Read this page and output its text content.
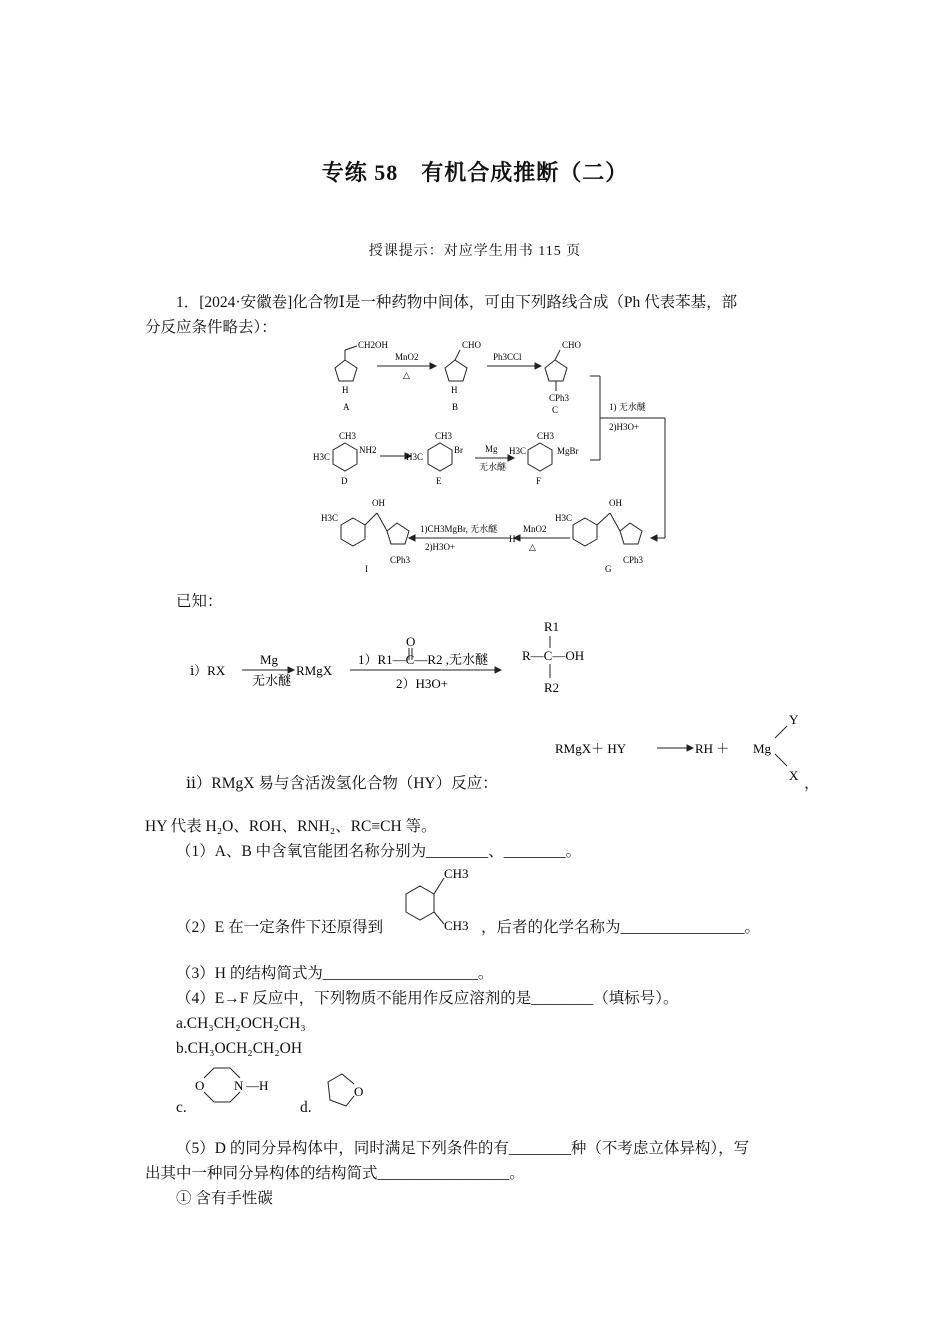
专练 58　有机合成推断（二）
授课提示：对应学生用书 115 页
1．[2024·安徽卷]化合物Ⅰ是一种药物中间体，可由下列路线合成（Ph 代表苯基，部
分反应条件略去）：
CH2OH
H
A
MnO2
△
CHO
H
B
Ph3CCl
CHO
CPh3
C	1) 无水醚
2)H3O+
H3C
CH3
NH2
D
H3C
CH3
Br
E
Mg
无水醚
H3C
CH3
MgBr
F
H3C
OH
CPh3
G
MnO2
△
H
1)CH3MgBr, 无水醚
2)H3O+
H3C
OH
CPh3
I
已知：
ⅰ）RX
Mg
无水醚
RMgX
O
1）R1—C—R2 ,无水醚
2）H3O+
R1
R—C—OH
R2
RMgX＋ HY	RH ＋ Mg
Y
X
ⅱ）RMgX 易与含活泼氢化合物（HY）反应：	，
HY 代表 H₂O、ROH、RNH₂、RC≡CH 等。
（1）A、B 中含氧官能团名称分别为________、________。
（2）E 在一定条件下还原得到
CH3
CH3 ，后者的化学名称为________________。
（3）H 的结构简式为____________________。
（4）E→F 反应中，下列物质不能用作反应溶剂的是________（填标号）。
a.CH₃CH₂OCH₂CH₃
b.CH₃OCH₂CH₂OH
c.
O N —H
d.
O
（5）D 的同分异构体中，同时满足下列条件的有________种（不考虑立体异构），写
出其中一种同分异构体的结构简式_________________。
① 含有手性碳
